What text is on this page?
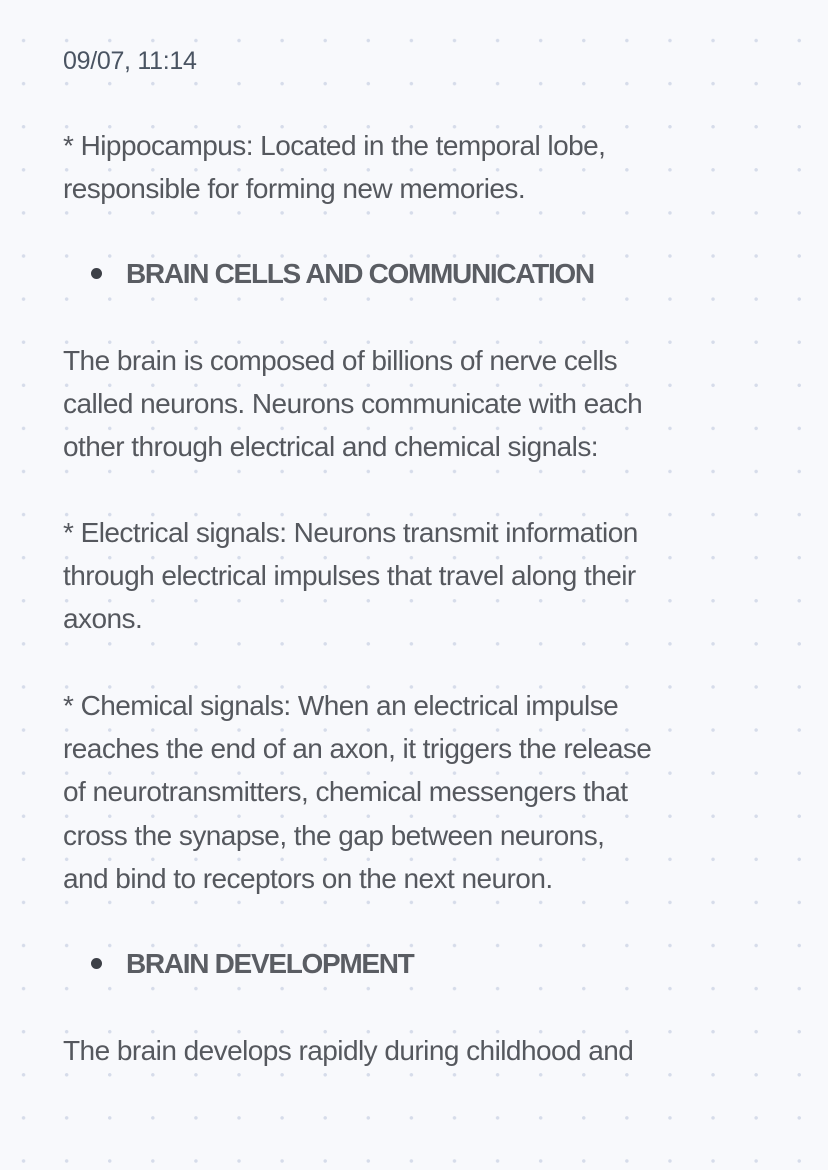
09/07, 11:14
* Hippocampus: Located in the temporal lobe,
responsible for forming new memories.
BRAIN CELLS AND COMMUNICATION
The brain is composed of billions of nerve cells
called neurons. Neurons communicate with each
other through electrical and chemical signals:
* Electrical signals: Neurons transmit information
through electrical impulses that travel along their
axons.
* Chemical signals: When an electrical impulse
reaches the end of an axon, it triggers the release
of neurotransmitters, chemical messengers that
cross the synapse, the gap between neurons,
and bind to receptors on the next neuron.
BRAIN DEVELOPMENT
The brain develops rapidly during childhood and
